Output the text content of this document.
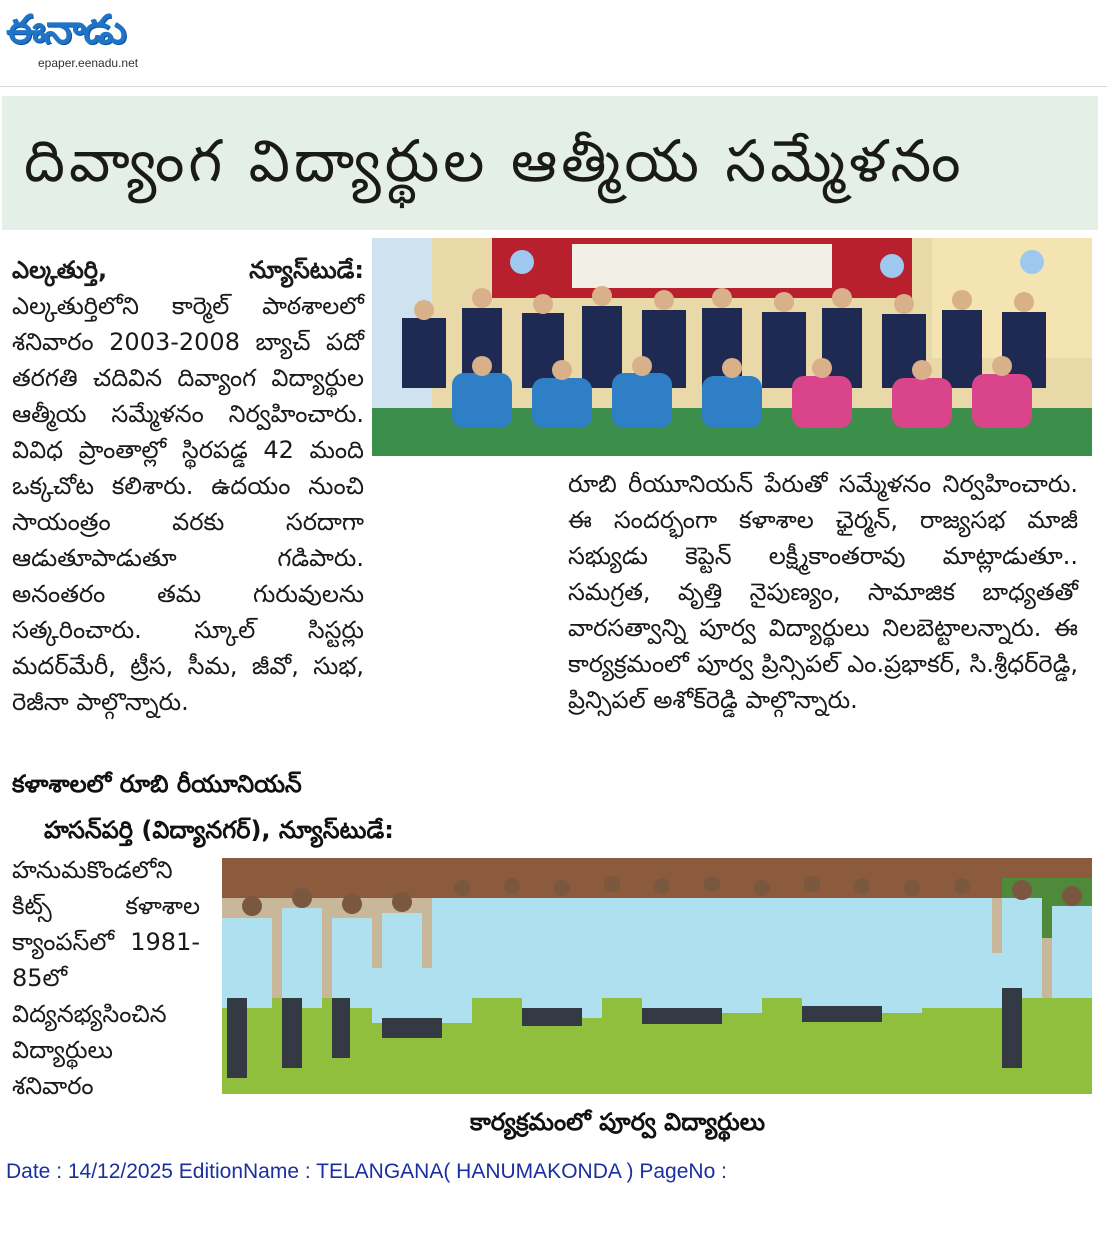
ఈనాడు
epaper.eenadu.net
దివ్యాంగ విద్యార్థుల ఆత్మీయ సమ్మేళనం
ఎల్కతుర్తి, న్యూస్‌టుడే: ఎల్కతుర్తిలోని కార్మెల్ పాఠశాలలో శనివారం 2003-2008 బ్యాచ్ పదో తరగతి చదివిన దివ్యాంగ విద్యార్థుల ఆత్మీయ సమ్మేళనం నిర్వహించారు. వివిధ ప్రాంతాల్లో స్థిరపడ్డ 42 మంది ఒక్కచోట కలిశారు. ఉదయం నుంచి సాయంత్రం వరకు సరదాగా ఆడుతూపాడుతూ గడిపారు. అనంతరం తమ గురువులను సత్కరించారు. స్కూల్ సిస్టర్లు మదర్‌మేరీ, ట్రీస, సీమ, జీవో, సుభ, రెజీనా పాల్గొన్నారు.
కళాశాలలో రూబి రీయూనియన్
హసన్‌పర్తి (విద్యానగర్), న్యూస్‌టుడే:
హనుమకొండలోని కిట్స్ కళాశాల క్యాంపస్‌లో 1981-85లో విద్యనభ్యసించిన విద్యార్థులు శనివారం
రూబి రీయూనియన్ పేరుతో సమ్మేళనం నిర్వహించారు. ఈ సందర్భంగా కళాశాల ఛైర్మన్, రాజ్యసభ మాజీ సభ్యుడు కెప్టెన్ లక్ష్మీకాంతరావు మాట్లాడుతూ.. సమగ్రత, వృత్తి నైపుణ్యం, సామాజిక బాధ్యతతో వారసత్వాన్ని పూర్వ విద్యార్థులు నిలబెట్టాలన్నారు. ఈ కార్యక్రమంలో పూర్వ ప్రిన్సిపల్ ఎం.ప్రభాకర్, సి.శ్రీధర్‌రెడ్డి, ప్రిన్సిపల్ అశోక్‌రెడ్డి పాల్గొన్నారు.
కార్యక్రమంలో పూర్వ విద్యార్థులు
Date : 14/12/2025 EditionName : TELANGANA( HANUMAKONDA ) PageNo :
